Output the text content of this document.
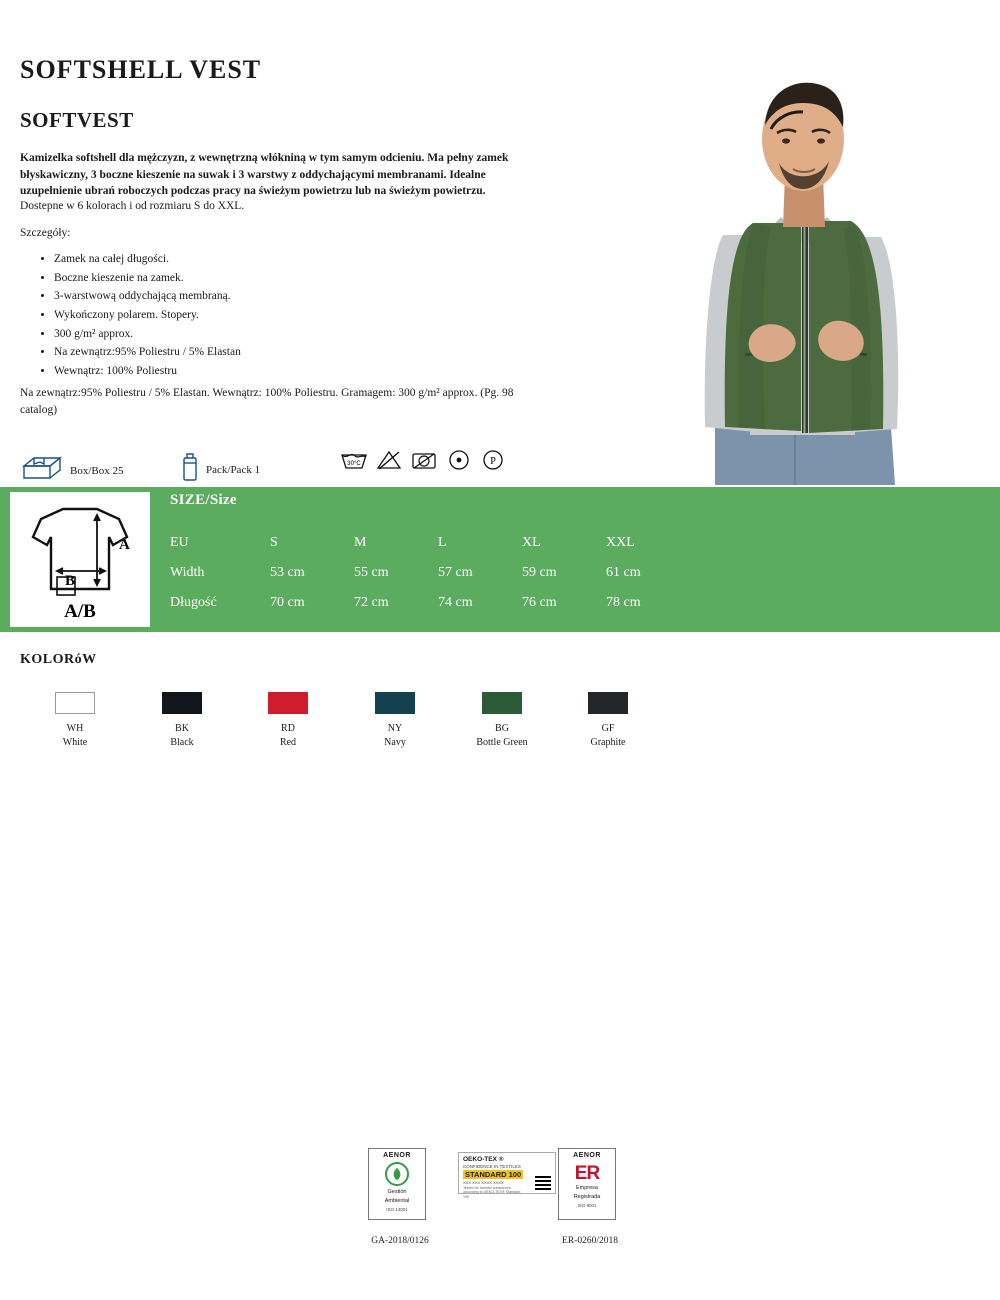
SOFTSHELL VEST
SOFTVEST
Kamizelka softshell dla mężczyzn, z wewnętrzną włókniną w tym samym odcieniu. Ma pełny zamek błyskawiczny, 3 boczne kieszenie na suwak i 3 warstwy z oddychającymi membranami. Idealne uzupełnienie ubrań roboczych podczas pracy na świeżym powietrzu lub na świeżym powietrzu.
Dostepne w 6 kolorach i od rozmiaru S do XXL.
Szczegóły:
• Zamek na całej długości.
• Boczne kieszenie na zamek.
• 3-warstwową oddychającą membraną.
• Wykończony polarem. Stopery.
• 300 g/m² approx.
• Na zewnątrz:95% Poliestru / 5% Elastan
• Wewnątrz: 100% Poliestru
Na zewnątrz:95% Poliestru / 5% Elastan. Wewnątrz: 100% Poliestru. Gramagem: 300 g/m² approx. (Pg. 98 catalog)
Box/Box 25	Pack/Pack 1	30°C	P
A
B
A/B
SIZE/Size
EU	S	M	L	XL	XXL
Width	53 cm	55 cm	57 cm	59 cm	61 cm
Długość	70 cm	72 cm	74 cm	76 cm	78 cm
KOLORóW
WH
White
BK
Black
RD
Red
NY
Navy
BG
Bottle Green
GF
Graphite
AENOR
Gestión
Ambiental
ISO 14001
OEKO-TEX ®
CONFIDENCE IN TEXTILES
STANDARD 100
XXX XXX XXXX XXXX
Tested for harmful substances according to OEKO-TEX® Standard 100
AENOR
ER
Empresa
Registrada
ISO 9001
GA-2018/0126	ER-0260/2018
